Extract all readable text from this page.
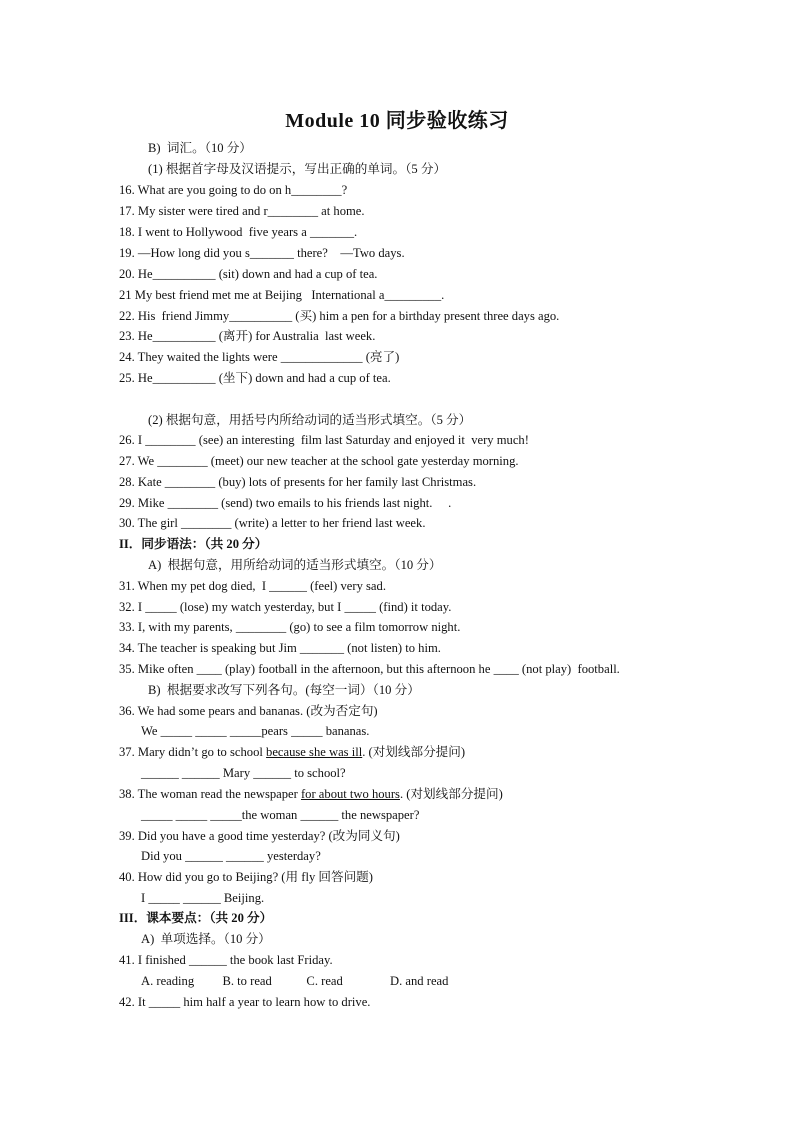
Module 10 同步验收练习
B)  词汇。（10 分）
(1) 根据首字母及汉语提示，写出正确的单词。（5 分）
16. What are you going to do on h________?
17. My sister were tired and r________ at home.
18. I went to Hollywood  five years a _______.
19. —How long did you s_______ there?    —Two days.
20. He__________ (sit) down and had a cup of tea.
21 My best friend met me at Beijing   International a_________.
22. His  friend Jimmy__________ (买) him a pen for a birthday present three days ago.
23. He__________ (离开) for Australia  last week.
24. They waited the lights were _____________ (亮了)
25. He__________ (坐下) down and had a cup of tea.
(2) 根据句意，用括号内所给动词的适当形式填空。（5 分）
26. I ________ (see) an interesting  film last Saturday and enjoyed it  very much!
27. We ________ (meet) our new teacher at the school gate yesterday morning.
28. Kate ________ (buy) lots of presents for her family last Christmas.
29. Mike ________ (send) two emails to his friends last night.     .
30. The girl ________ (write) a letter to her friend last week.
II．同步语法：（共 20 分）
A)  根据句意，用所给动词的适当形式填空。（10 分）
31. When my pet dog died,  I ______ (feel) very sad.
32. I _____ (lose) my watch yesterday, but I _____ (find) it today.
33. I, with my parents, ________ (go) to see a film tomorrow night.
34. The teacher is speaking but Jim _______ (not listen) to him.
35. Mike often ____ (play) football in the afternoon, but this afternoon he ____ (not play)  football.
B)  根据要求改写下列各句。(每空一词）（10 分）
36. We had some pears and bananas. (改为否定句)
We _____ _____ _____pears _____ bananas.
37. Mary didn’t go to school because she was ill. (对划线部分提问)
______ ______ Mary ______ to school?
38. The woman read the newspaper for about two hours. (对划线部分提问)
_____ _____ _____the woman ______ the newspaper?
39. Did you have a good time yesterday? (改为同义句)
Did you ______ ______ yesterday?
40. How did you go to Beijing? (用 fly 回答问题)
I _____ ______ Beijing.
III．课本要点：（共 20 分）
A)  单项选择。（10 分）
41. I finished ______ the book last Friday.
A. reading         B. to read           C. read               D. and read
42. It _____ him half a year to learn how to drive.
